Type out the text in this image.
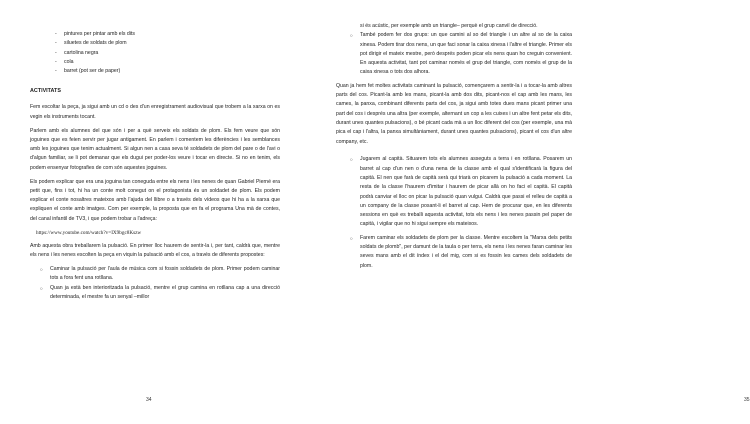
- pintures per pintar amb els dits
- siluetes de soldats de plom
- cartolina negra
- cola
- barret (pot ser de paper)
ACTIVITATS

Fem escoltar la peça, ja sigui amb un cd o des d'un enregistrament audiovisual que trobem a la xarxa on es vegin els instruments tocant.

Parlem amb els alumnes del que són i per a què serveix els soldats de plom. Els fem veure que són joguines que es feien servir per jugar antigament. En parlem i comentem les diferències i les semblances amb les joguines que tenim actualment. Si algun nen a casa seva té soldadets de plom del pare o de l'avi o d'algun familiar, se li pot demanar que els dugui per poder-los veure i tocar en directe. Si no en tenim, els podem ensenyar fotografies de com són aquestes joguines.

Els podem explicar que era una joguina tan coneguda entre els nens i les nenes de quan Gabriel Pierné era petit que, fins i tot, hi ha un conte molt conegut on el protagonista és un soldadet de plom. Els podem explicar el conte nosaltres mateixos amb l'ajuda del llibre o a través dels vídeos que hi ha a la xarxa que expliquen el conte amb imatges. Com per exemple, la proposta que en fa el programa Una mà de contes, del canal infantil de TV3, i que podem trobar a l'adreça:

https://www.youtube.com/watch?v=IX9bgc8Kszw

Amb aquesta obra treballarem la pulsació. En primer lloc haurem de sentir-la i, per tant, caldrà que, mentre els nens i les nenes escolten la peça en viquin la pulsació amb el cos, a través de diferents propostes:

○ Caminar la pulsació per l'aula de música com si fossin soldadets de plom. Primer podem caminar tots a fora fent una rotllana.
○ Quan ja està ben interioritzada la pulsació, mentre el grup camina en rotllana cap a una direcció determinada, el mestre fa un senyal –millor
34	35
si és acústic, per exemple amb un triangle– perquè el grup canviï de direcció.
○ També podem fer dos grups: un que camini al so del triangle i un altre al so de la caixa xinesa. Podem tirar dos nens, un que faci sonar la caixa xinesa i l'altre el triangle. Primer els pot dirigir el mateix mestre, però després poden picar els nens quan ho creguin convenient. En aquesta activitat, tant pot caminar només el grup del triangle, com només el grup de la caixa xinesa o tots dos alhora.

Quan ja hem fet moltes activitats caminant la pulsació, començarem a sentir-la i a tocar-la amb altres parts del cos. Picant-la amb les mans, picant-la amb dos dits, picant-nos el cap amb les mans, les cames, la panxa, combinant diferents parts del cos, ja sigui amb totes dues mans picant primer una part del cos i després una altra (per exemple, alternant un cop a les cuixes i un altre fent petar els dits, durant unes quantes pulsacions), o bé picant cada mà a un lloc diferent del cos (per exemple, una mà pica el cap i l'altra, la panxa simultàniament, durant unes quantes pulsacions), picant el cos d'un altre company, etc.

○ Jugarem al capità. Situarem tots els alumnes asseguts a terra i en rotllana. Posarem un barret al cap d'un nen o d'una nena de la classe amb el qual s'identificarà la figura del capità. El nen que farà de capità serà qui triarà on picarem la pulsació a cada moment. La resta de la classe l'haurem d'imitar i haurem de picar allà on ho faci el capità. El capità podrà canviar el lloc on picar la pulsació quan vulgui. Caldrà que passi el relleu de capità a un company de la classe posant-li el barret al cap. Hem de procurar que, en les diferents sessions en què es treballi aquesta activitat, tots els nens i les nenes passin pel paper de capità, i vigilar que no hi sigui sempre els mateixos.
○ Farem caminar els soldadets de plom per la classe. Mentre escoltem la "Marxa dels petits soldats de plomb", per damunt de la taula o per terra, els nens i les nenes faran caminar les seves mans amb el dit índex i el del mig, com si es fossin les cames dels soldadets de plom.
